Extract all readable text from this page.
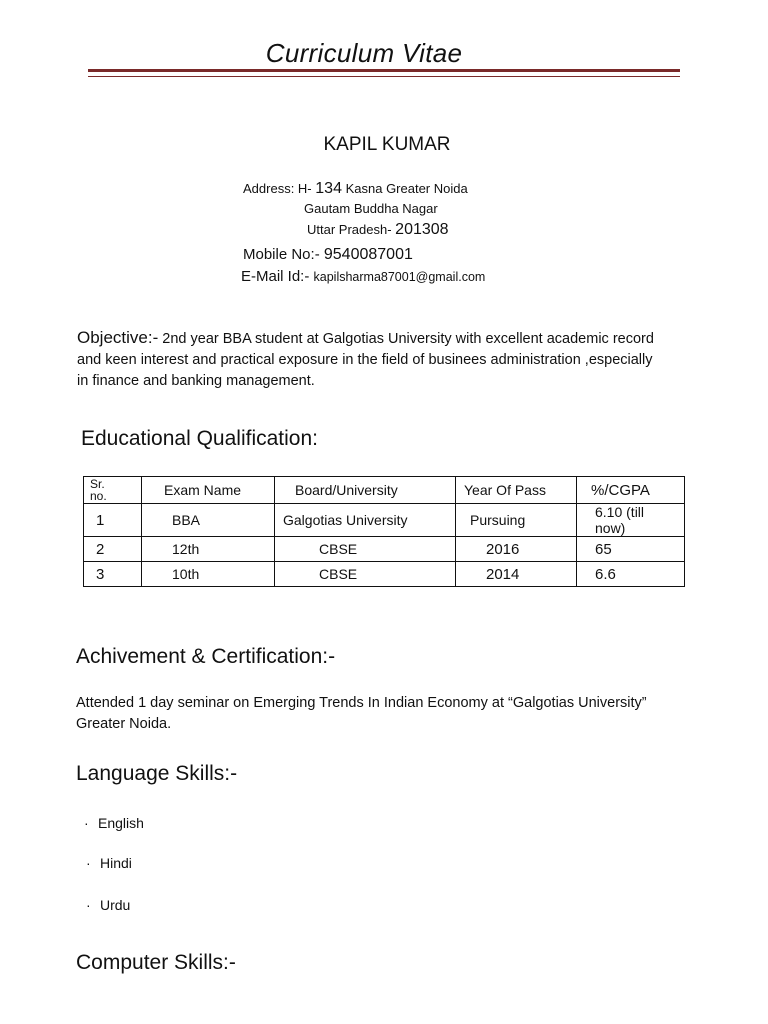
Curriculum Vitae
KAPIL KUMAR
Address: H- 134 Kasna Greater Noida
Gautam Buddha Nagar
Uttar Pradesh- 201308
Mobile No:- 9540087001
E-Mail Id:- kapilsharma87001@gmail.com
Objective:- 2nd year BBA student at Galgotias University with excellent academic record
and keen interest and practical exposure in the field of businees administration ,especially
in finance and banking management.
Educational Qualification:
Sr.
no.	Exam Name	Board/University	Year Of Pass	%/CGPA
1	BBA	Galgotias University	Pursuing	6.10 (till now)
2	12th	CBSE	2016	65
3	10th	CBSE	2014	6.6
Achivement & Certification:-
Attended 1 day seminar on Emerging Trends In Indian Economy at “Galgotias University”
Greater Noida.
Language Skills:-
· English
· Hindi
· Urdu
Computer Skills:-
